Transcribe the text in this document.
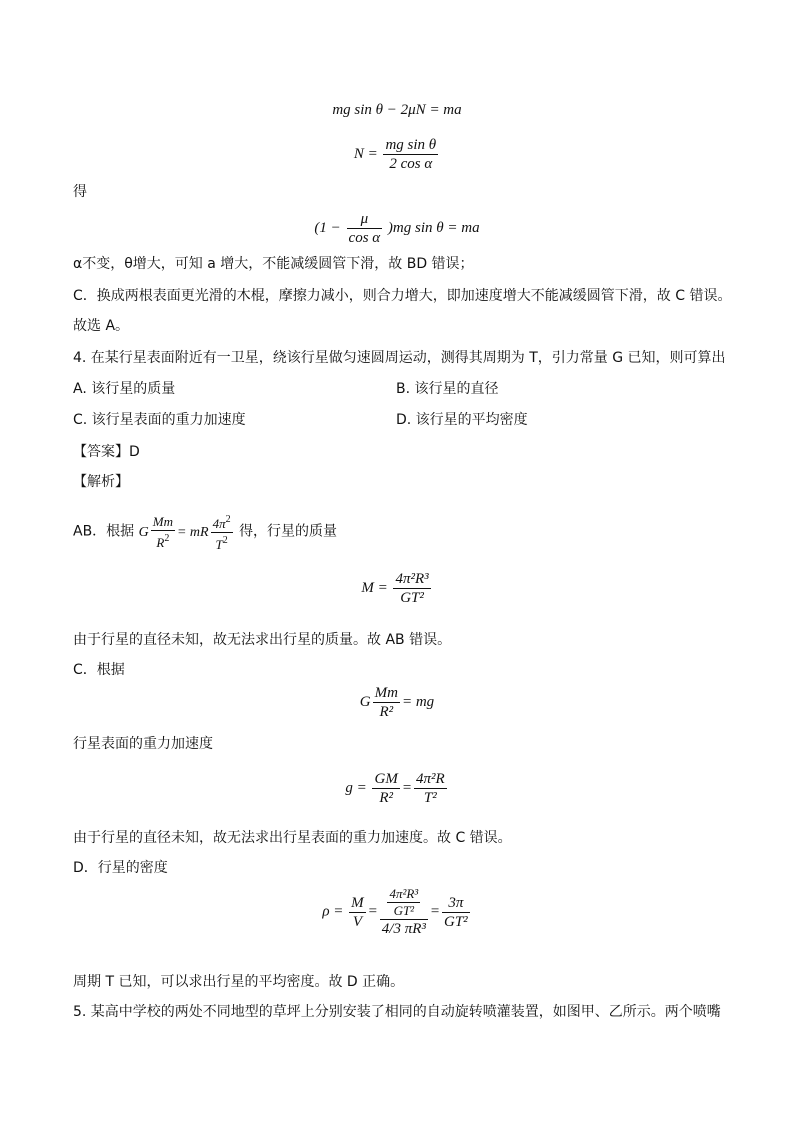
mg sin θ − 2μN = ma
$N = \frac{\text{mg sin θ}}{\text{2 cos α}}$
得
$(1 - \frac{\mu}{\text{cos α}} )mg$ sin θ = ma
α不变，θ增大，可知 a 增大，不能减缓圆管下滑，故 BD 错误；
C．换成两根表面更光滑的木棍，摩擦力减小，则合力增大，即加速度增大不能减缓圆管下滑，故 C 错误。
故选 A。
4. 在某行星表面附近有一卫星，绕该行星做匀速圆周运动，测得其周期为 T，引力常量 G 已知，则可算出
A. 该行星的质量	B. 该行星的直径
C. 该行星表面的重力加速度	D. 该行星的平均密度
【答案】D
【解析】
AB．根据 G $\frac{Mm}{R^2}$ = mR $\frac{4\pi^2}{T^2}$ 得，行星的质量
$M = \frac{\text{4π²R³}}{\text{GT²}}$
由于行星的直径未知，故无法求出行星的质量。故 AB 错误。
C．根据
G $\frac{Mm}{\text{R²}}$ = mg
行星表面的重力加速度
$g = \frac{GM}{\text{R²}} = \frac{\text{4π²R}}{\text{T²}}$
由于行星的直径未知，故无法求出行星表面的重力加速度。故 C 错误。
D．行星的密度
$\rho = \frac{M}{V} = \frac{\frac{\text{4π²R³}}{\text{GT²}}}{\text{4/3 πR³}} = \frac{3\pi}{\text{GT²}}$
周期 T 已知，可以求出行星的平均密度。故 D 正确。
5. 某高中学校的两处不同地型的草坪上分别安装了相同的自动旋转喷灌装置，如图甲、乙所示。两个喷嘴
